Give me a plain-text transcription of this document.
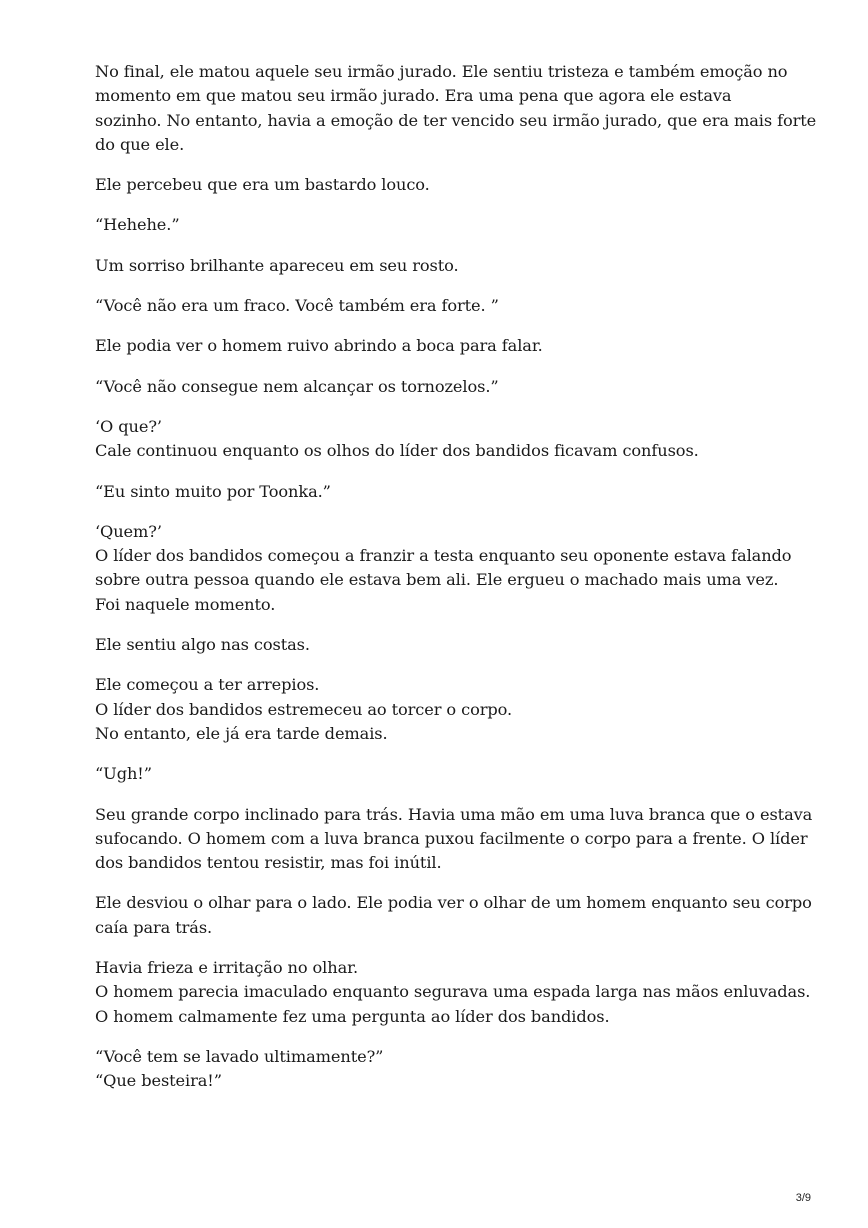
No final, ele matou aquele seu irmão jurado. Ele sentiu tristeza e também emoção no
momento em que matou seu irmão jurado. Era uma pena que agora ele estava
sozinho. No entanto, havia a emoção de ter vencido seu irmão jurado, que era mais forte
do que ele.

Ele percebeu que era um bastardo louco.

“Hehehe.”

Um sorriso brilhante apareceu em seu rosto.

“Você não era um fraco. Você também era forte. ”

Ele podia ver o homem ruivo abrindo a boca para falar.

“Você não consegue nem alcançar os tornozelos.”

‘O que?’
Cale continuou enquanto os olhos do líder dos bandidos ficavam confusos.

“Eu sinto muito por Toonka.”

‘Quem?’
O líder dos bandidos começou a franzir a testa enquanto seu oponente estava falando
sobre outra pessoa quando ele estava bem ali. Ele ergueu o machado mais uma vez.
Foi naquele momento.

Ele sentiu algo nas costas.

Ele começou a ter arrepios.
O líder dos bandidos estremeceu ao torcer o corpo.
No entanto, ele já era tarde demais.

“Ugh!”

Seu grande corpo inclinado para trás. Havia uma mão em uma luva branca que o estava
sufocando. O homem com a luva branca puxou facilmente o corpo para a frente. O líder
dos bandidos tentou resistir, mas foi inútil.

Ele desviou o olhar para o lado. Ele podia ver o olhar de um homem enquanto seu corpo
caía para trás.

Havia frieza e irritação no olhar.
O homem parecia imaculado enquanto segurava uma espada larga nas mãos enluvadas.
O homem calmamente fez uma pergunta ao líder dos bandidos.

“Você tem se lavado ultimamente?”
“Que besteira!”

3/9
